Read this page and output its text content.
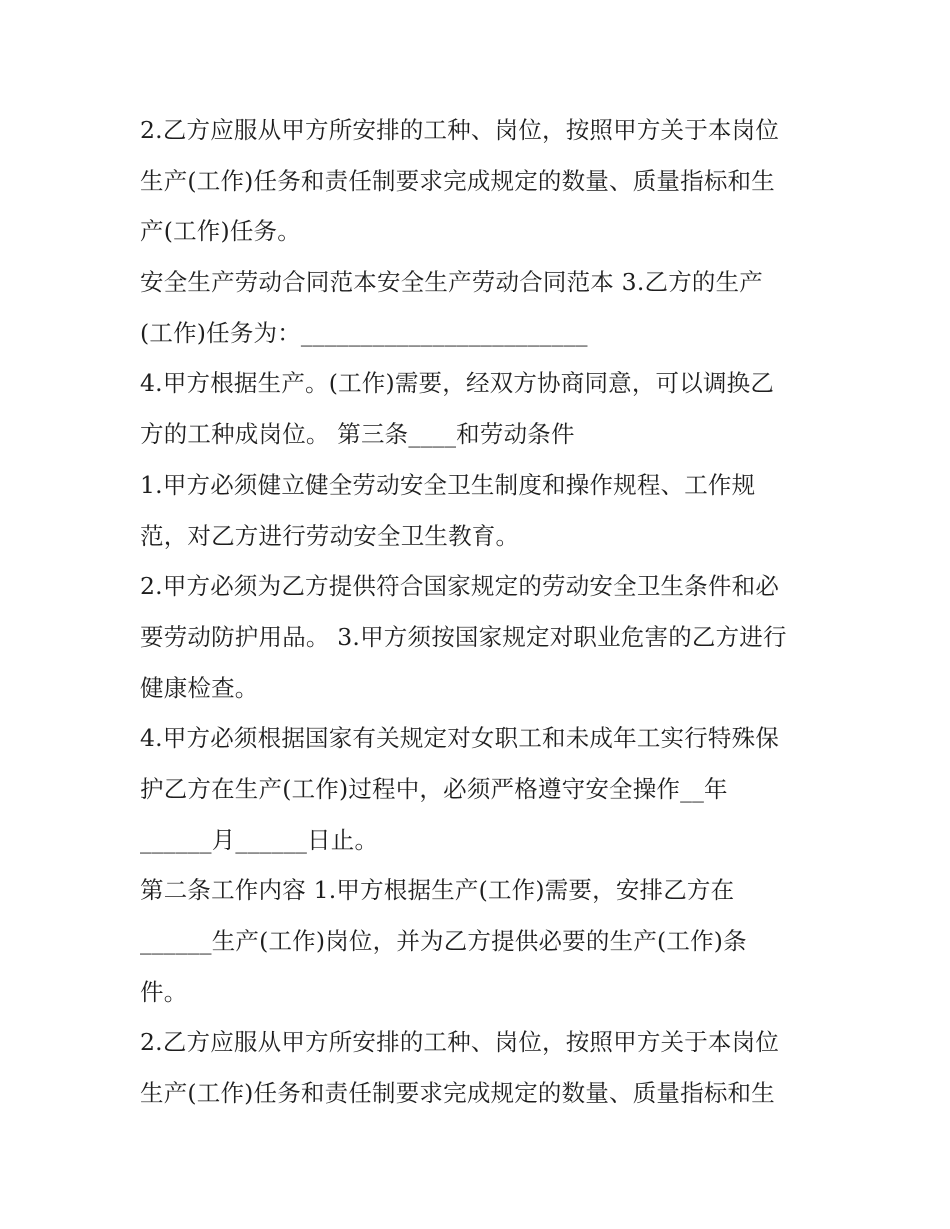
2.乙方应服从甲方所安排的工种、岗位，按照甲方关于本岗位
生产(工作)任务和责任制要求完成规定的数量、质量指标和生
产(工作)任务。
安全生产劳动合同范本安全生产劳动合同范本 3.乙方的生产
(工作)任务为：________________________
4.甲方根据生产。(工作)需要，经双方协商同意，可以调换乙
方的工种成岗位。 第三条____和劳动条件
1.甲方必须健立健全劳动安全卫生制度和操作规程、工作规
范，对乙方进行劳动安全卫生教育。
2.甲方必须为乙方提供符合国家规定的劳动安全卫生条件和必
要劳动防护用品。 3.甲方须按国家规定对职业危害的乙方进行
健康检查。
4.甲方必须根据国家有关规定对女职工和未成年工实行特殊保
护乙方在生产(工作)过程中，必须严格遵守安全操作__年
______月______日止。
第二条工作内容 1.甲方根据生产(工作)需要，安排乙方在
______生产(工作)岗位，并为乙方提供必要的生产(工作)条
件。
2.乙方应服从甲方所安排的工种、岗位，按照甲方关于本岗位
生产(工作)任务和责任制要求完成规定的数量、质量指标和生
